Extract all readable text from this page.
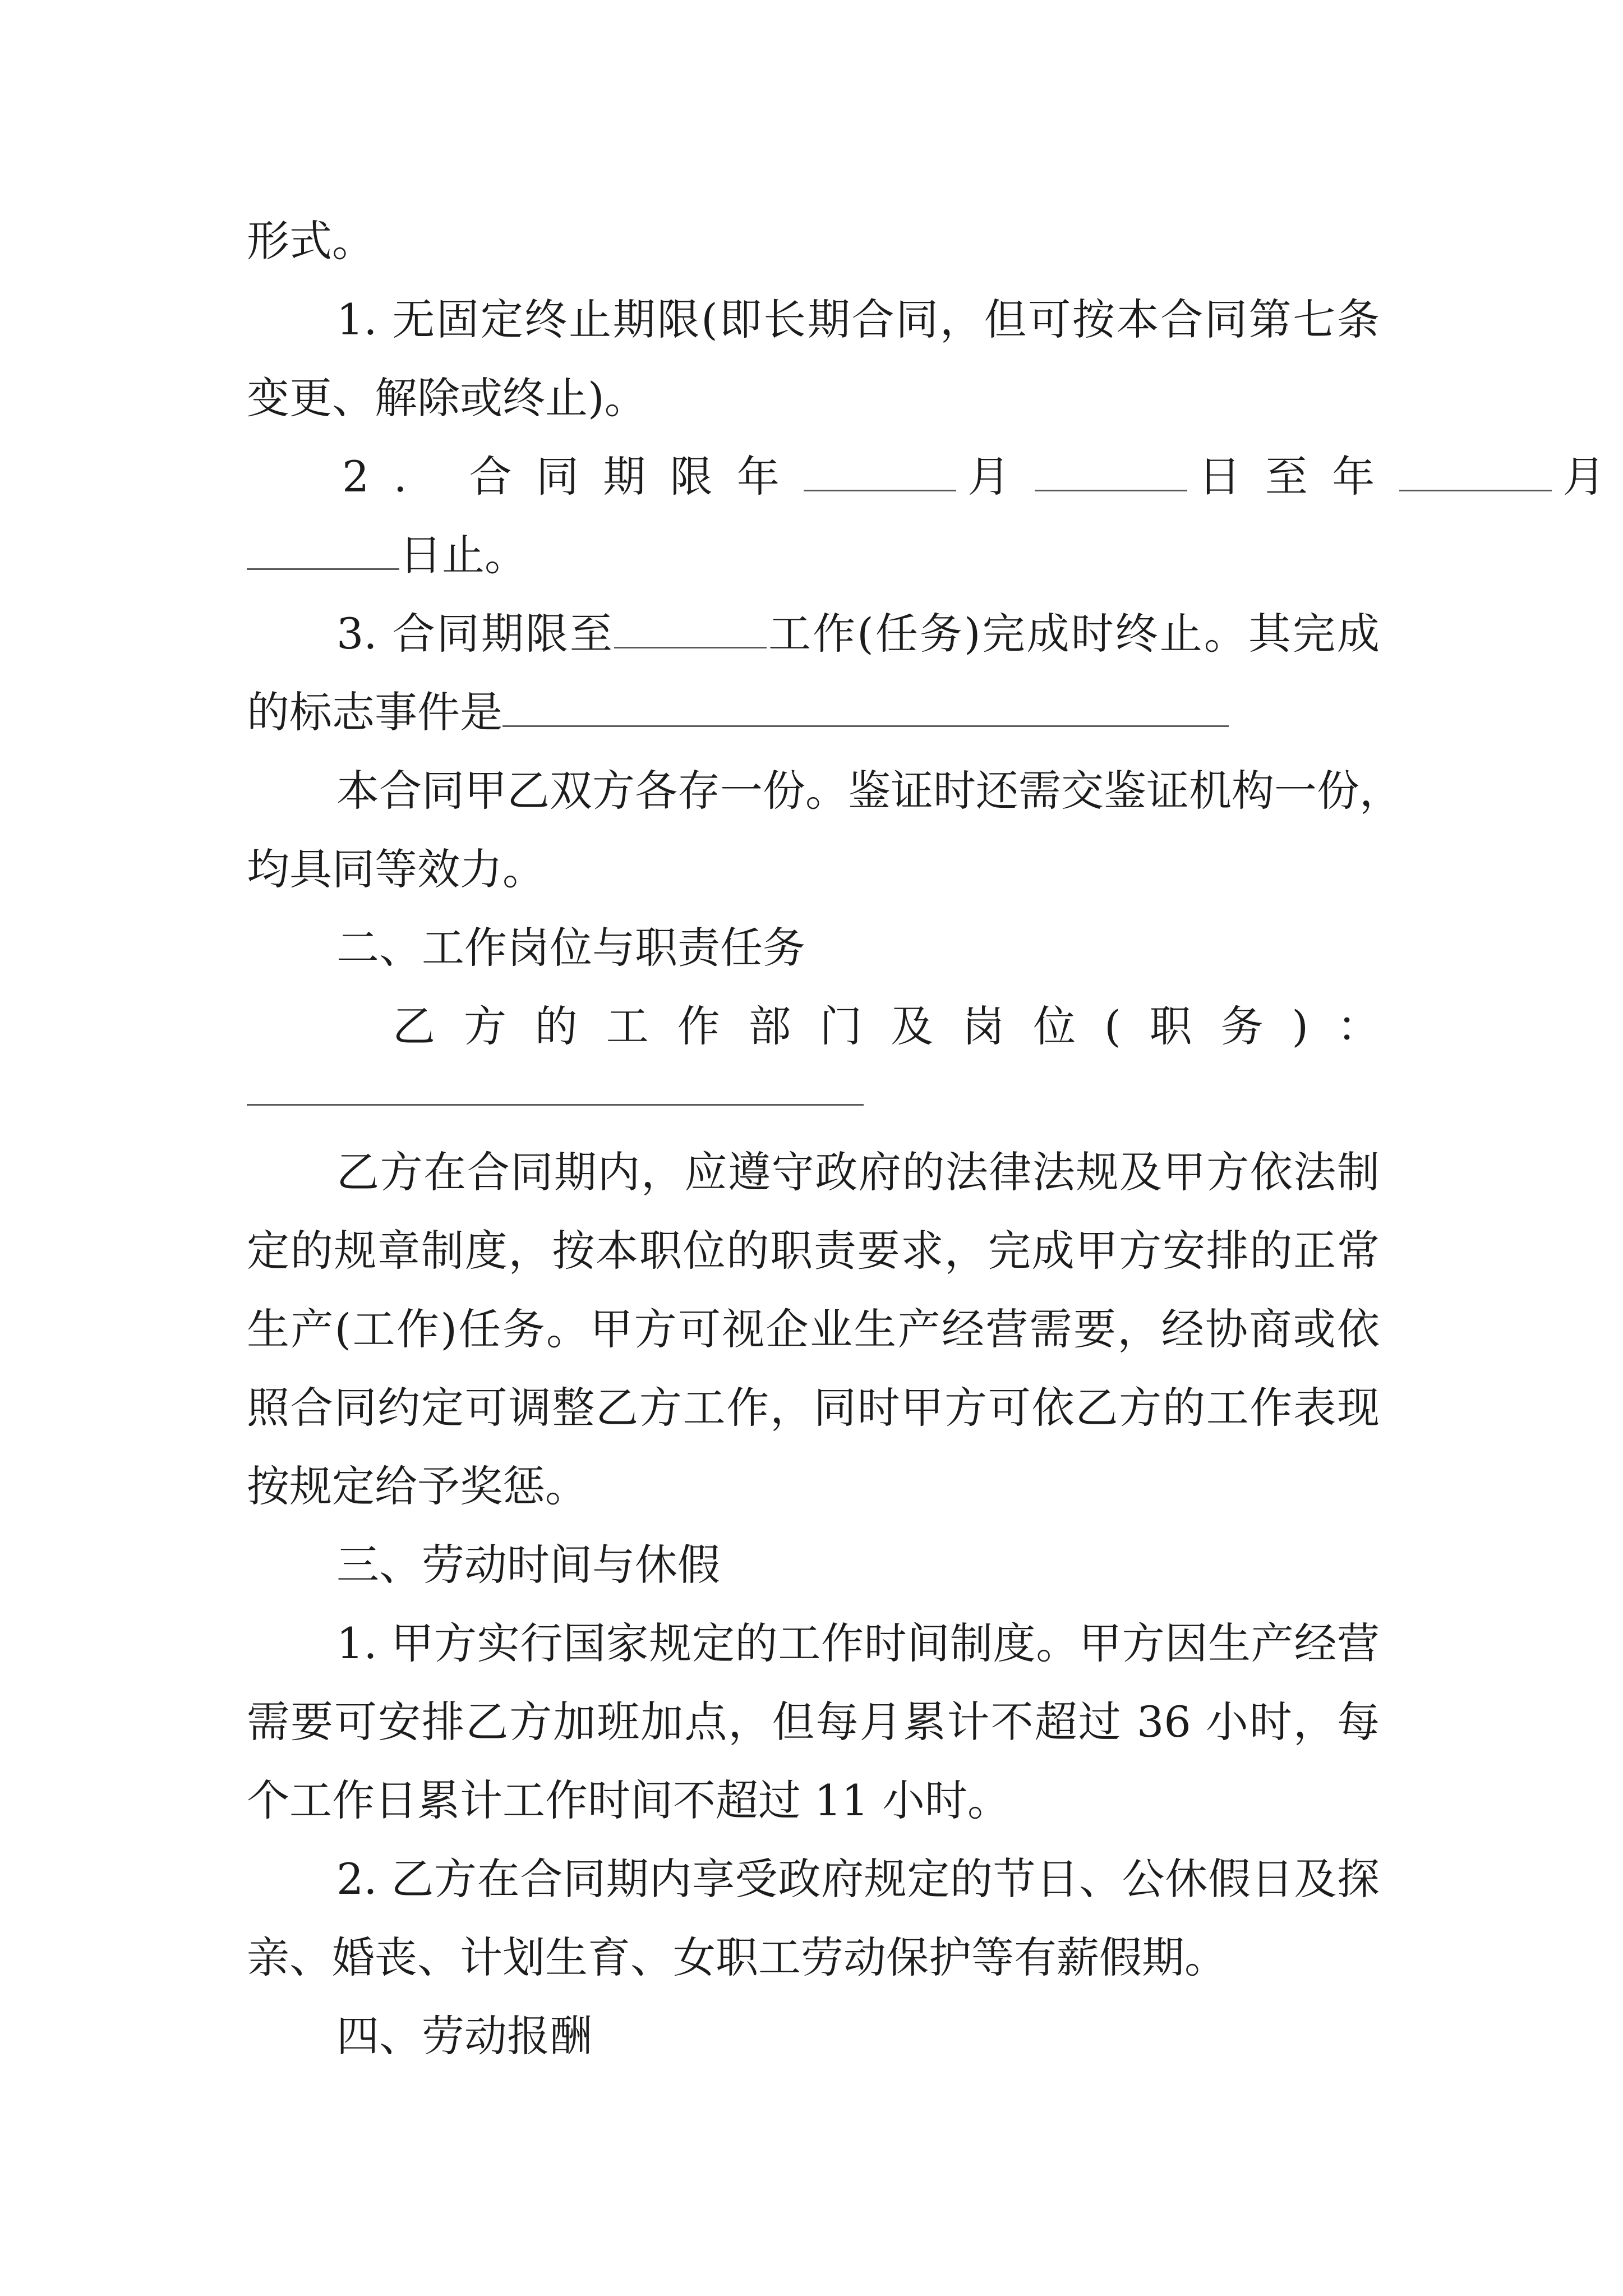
形式。
1. 无固定终止期限(即长期合同，但可按本合同第七条
变更、解除或终止)。
2. 合同期限年	月	日至年	月
日止。
3. 合同期限至	工作(任务)完成时终止。其完成
的标志事件是
本合同甲乙双方各存一份。鉴证时还需交鉴证机构一份，
均具同等效力。
二、工作岗位与职责任务
乙方的工作部门及岗位(职务)：
乙方在合同期内，应遵守政府的法律法规及甲方依法制
定的规章制度，按本职位的职责要求，完成甲方安排的正常
生产(工作)任务。甲方可视企业生产经营需要，经协商或依
照合同约定可调整乙方工作，同时甲方可依乙方的工作表现
按规定给予奖惩。
三、劳动时间与休假
1. 甲方实行国家规定的工作时间制度。甲方因生产经营
需要可安排乙方加班加点，但每月累计不超过 36 小时，每
个工作日累计工作时间不超过 11 小时。
2. 乙方在合同期内享受政府规定的节日、公休假日及探
亲、婚丧、计划生育、女职工劳动保护等有薪假期。
四、劳动报酬
